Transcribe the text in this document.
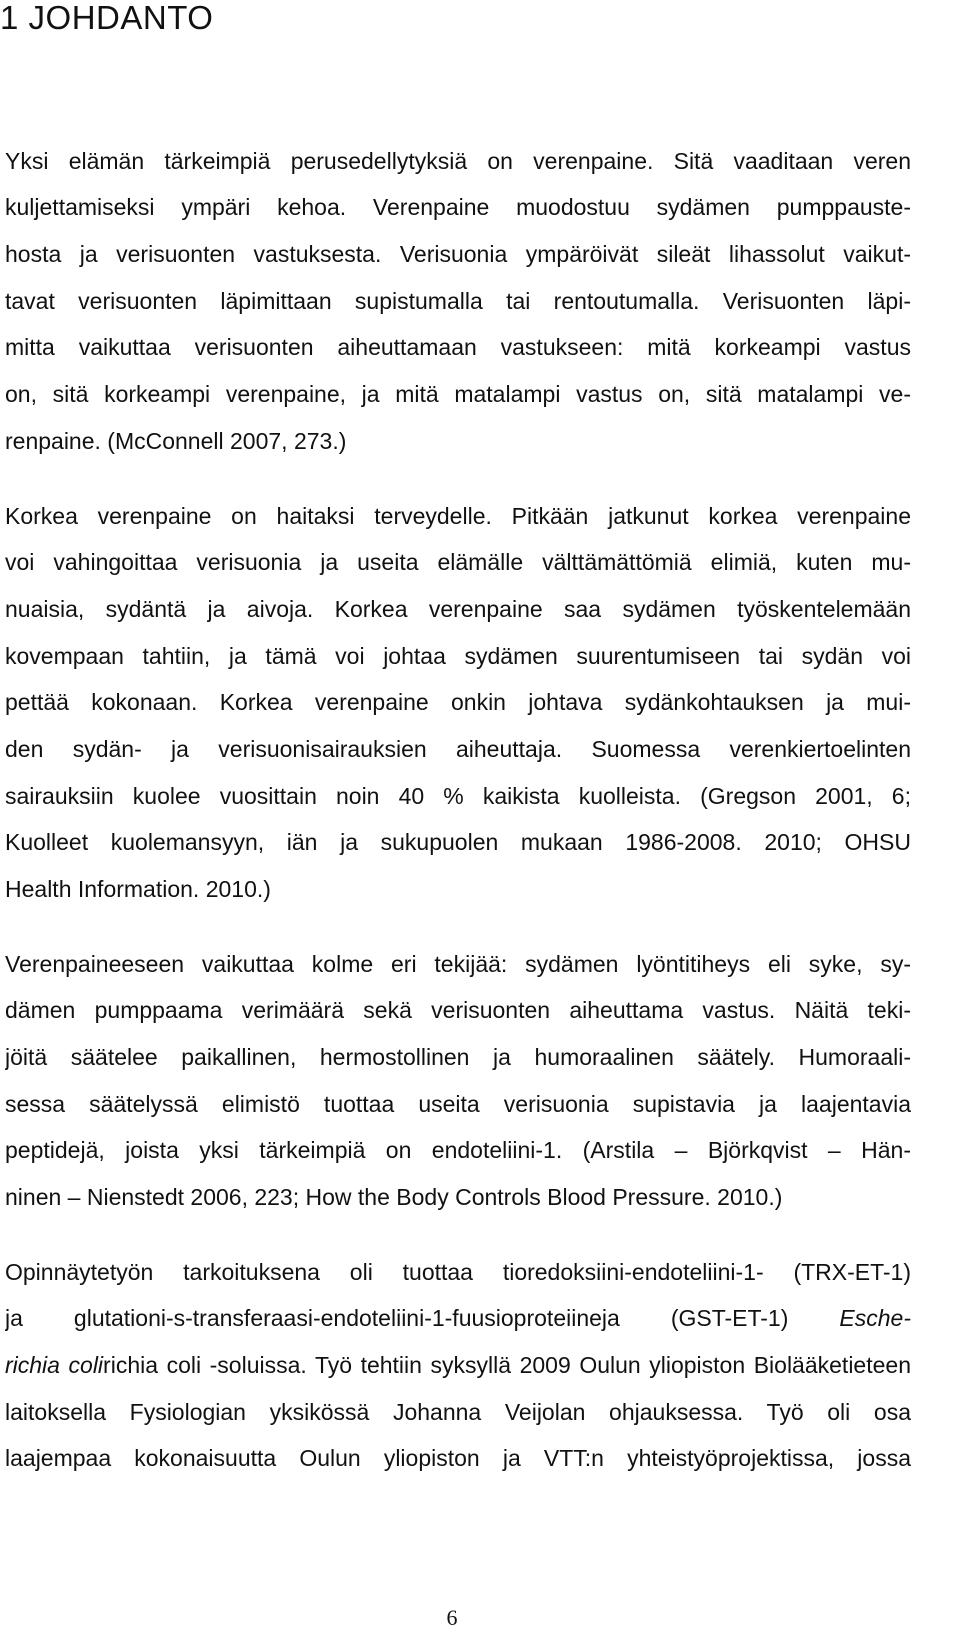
1 JOHDANTO
Yksi elämän tärkeimpiä perusedellytyksiä on verenpaine. Sitä vaaditaan veren
kuljettamiseksi ympäri kehoa. Verenpaine muodostuu sydämen pumppauste-
hosta ja verisuonten vastuksesta. Verisuonia ympäröivät sileät lihassolut vaikut-
tavat verisuonten läpimittaan supistumalla tai rentoutumalla. Verisuonten läpi-
mitta vaikuttaa verisuonten aiheuttamaan vastukseen: mitä korkeampi vastus
on, sitä korkeampi verenpaine, ja mitä matalampi vastus on, sitä matalampi ve-
renpaine. (McConnell 2007, 273.)
Korkea verenpaine on haitaksi terveydelle. Pitkään jatkunut korkea verenpaine
voi vahingoittaa verisuonia ja useita elämälle välttämättömiä elimiä, kuten mu-
nuaisia, sydäntä ja aivoja. Korkea verenpaine saa sydämen työskentelemään
kovempaan tahtiin, ja tämä voi johtaa sydämen suurentumiseen tai sydän voi
pettää kokonaan. Korkea verenpaine onkin johtava sydänkohtauksen ja mui-
den sydän- ja verisuonisairauksien aiheuttaja. Suomessa verenkiertoelinten
sairauksiin kuolee vuosittain noin 40 % kaikista kuolleista. (Gregson 2001, 6;
Kuolleet kuolemansyyn, iän ja sukupuolen mukaan 1986-2008. 2010; OHSU
Health Information. 2010.)
Verenpaineeseen vaikuttaa kolme eri tekijää: sydämen lyöntitiheys eli syke, sy-
dämen pumppaama verimäärä sekä verisuonten aiheuttama vastus. Näitä teki-
jöitä säätelee paikallinen, hermostollinen ja humoraalinen säätely. Humoraali-
sessa säätelyssä elimistö tuottaa useita verisuonia supistavia ja laajentavia
peptidejä, joista yksi tärkeimpiä on endoteliini-1. (Arstila – Björkqvist – Hän-
ninen – Nienstedt 2006, 223; How the Body Controls Blood Pressure. 2010.)
Opinnäytetyön tarkoituksena oli tuottaa tioredoksiini-endoteliini-1- (TRX-ET-1)
ja glutationi-s-transferaasi-endoteliini-1-fuusioproteiineja (GST-ET-1) Esche-
richia colirichia coli -soluissa. Työ tehtiin syksyllä 2009 Oulun yliopiston Biolääketieteen
laitoksella Fysiologian yksikössä Johanna Veijolan ohjauksessa. Työ oli osa
laajempaa kokonaisuutta Oulun yliopiston ja VTT:n yhteistyöprojektissa, jossa
6
